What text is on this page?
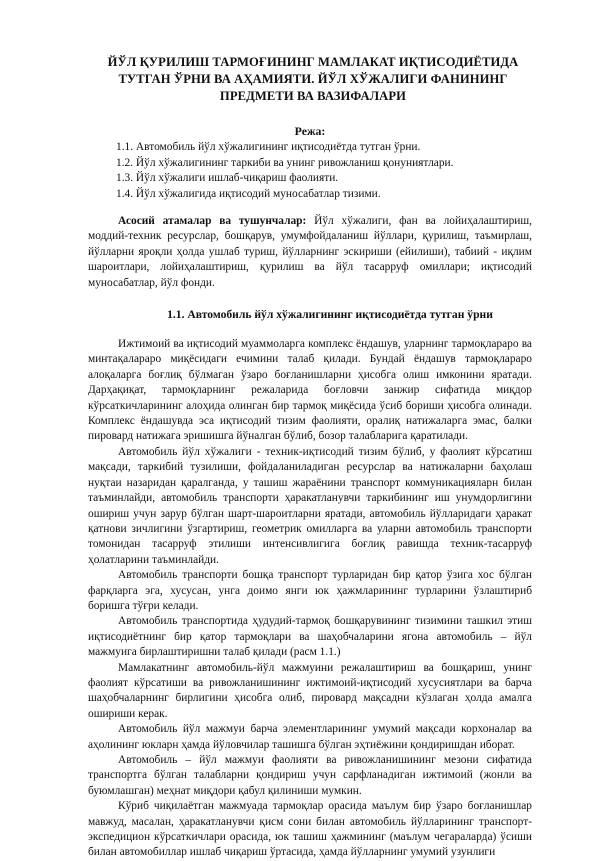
ЙЎЛ ҚУРИЛИШ ТАРМОҒИНИНГ МАМЛАКАТ ИҚТИСОДИЁТИДА ТУТГАН ЎРНИ ВА АҲАМИЯТИ. ЙЎЛ ХЎЖАЛИГИ ФАНИНИНГ ПРЕДМЕТИ ВА ВАЗИФАЛАРИ
Режа:
1.1. Автомобиль йўл хўжалигининг иқтисодиётда тутган ўрни.
1.2. Йўл хўжалигининг таркиби ва унинг ривожланиш қонуниятлари.
1.3. Йўл хўжалиги ишлаб-чиқариш фаолияти.
1.4. Йўл хўжалигида иқтисодий муносабатлар тизими.

Асосий атамалар ва тушунчалар: Йўл хўжалиги, фан ва лойиҳалаштириш, моддий-техник ресурслар, бошқарув, умумфойдаланиш йўллари, қурилиш, таъмирлаш, йўлларни яроқли ҳолда ушлаб туриш, йўлларнинг эскириши (ейилиши), табиий - иқлим шароитлари, лойиҳалаштириш, қурилиш ва йўл тасарруф омиллари; иқтисодий муносабатлар, йўл фонди.

1.1. Автомобиль йўл хўжалигининг иқтисодиётда тутган ўрни

Ижтимоий ва иқтисодий муаммоларга комплекс ёндашув, уларнинг тармоқлараро ва минтақалараро миқёсидаги ечимини талаб қилади. Бундай ёндашув тармоқлараро алоқаларга боғлиқ бўлмаган ўзаро боғланишларни ҳисобга олиш имконини яратади. Дарҳақиқат, тармоқларнинг режаларида боғловчи занжир сифатида миқдор кўрсаткичларининг алоҳида олинган бир тармоқ миқёсида ўсиб бориши ҳисобга олинади. Комплекс ёндашувда эса иқтисодий тизим фаолияти, оралиқ натижаларга эмас, балки пировард натижага эришишга йўналган бўлиб, бозор талабларига қаратилади.

Автомобиль йўл хўжалиги - техник-иқтисодий тизим бўлиб, у фаолият кўрсатиш мақсади, таркибий тузилиши, фойдаланиладиган ресурслар ва натижаларни баҳолаш нуқтаи назаридан қаралганда, у ташиш жараёнини транспорт коммуникацияларн билан таъминлайди, автомобиль транспорти ҳаракатланувчи таркибининг иш унумдорлигини ошириш учун зарур бўлган шарт-шароитларни яратади, автомобиль йўлларидаги ҳаракат қатнови зичлигини ўзгартириш, геометрик омилларга ва уларни автомобиль транспорти томонидан тасарруф этилиши интенсивлигига боғлиқ равишда техник-тасарруф ҳолатларини таъминлайди.

Автомобиль транспорти бошқа транспорт турларидан бир қатор ўзига хос бўлган фарқларга эга, хусусан, унга доимо янги юк ҳажмларининг турларини ўзлаштириб боришга тўғри келади.

Автомобиль транспортида ҳудудий-тармоқ бошқарувининг тизимини ташкил этиш иқтисодиётнинг бир қатор тармоқлари ва шаҳобчаларини ягона автомобиль – йўл мажмуига бирлаштиришни талаб қилади (расм 1.1.)

Мамлакатнинг автомобиль-йўл мажмуини режалаштириш ва бошқариш, унинг фаолият кўрсатиши ва ривожланишининг ижтимоий-иқтисодий хусусиятлари ва барча шаҳобчаларнинг бирлигини ҳисобга олиб, пировард мақсадни кўзлаган ҳолда амалга ошириши керак.

Автомобиль йўл мажмуи барча элементларининг умумий мақсади корхоналар ва аҳолининг юкларн ҳамда йўловчилар ташишга бўлган эҳтиёжини қондиришдан иборат.

Автомобиль – йўл мажмуи фаолияти ва ривожланишининг мезони сифатида транспортга бўлган талабларни қондириш учун сарфланадиган ижтимоий (жонли ва буюмлашган) меҳнат миқдори қабул қилиниши мумкин.

Кўриб чиқилаётган мажмуада тармоқлар орасида маълум бир ўзаро боғланишлар мавжуд, масалан, ҳаракатланувчи қисм сони билан автомобиль йўлларининг транспорт-экспедицион кўрсаткичлари орасида, юк ташиш ҳажмининг (маълум чегараларда) ўсиши билан автомобиллар ишлаб чиқариш ўртасида, ҳамда йўлларнинг умумий узунлиги
